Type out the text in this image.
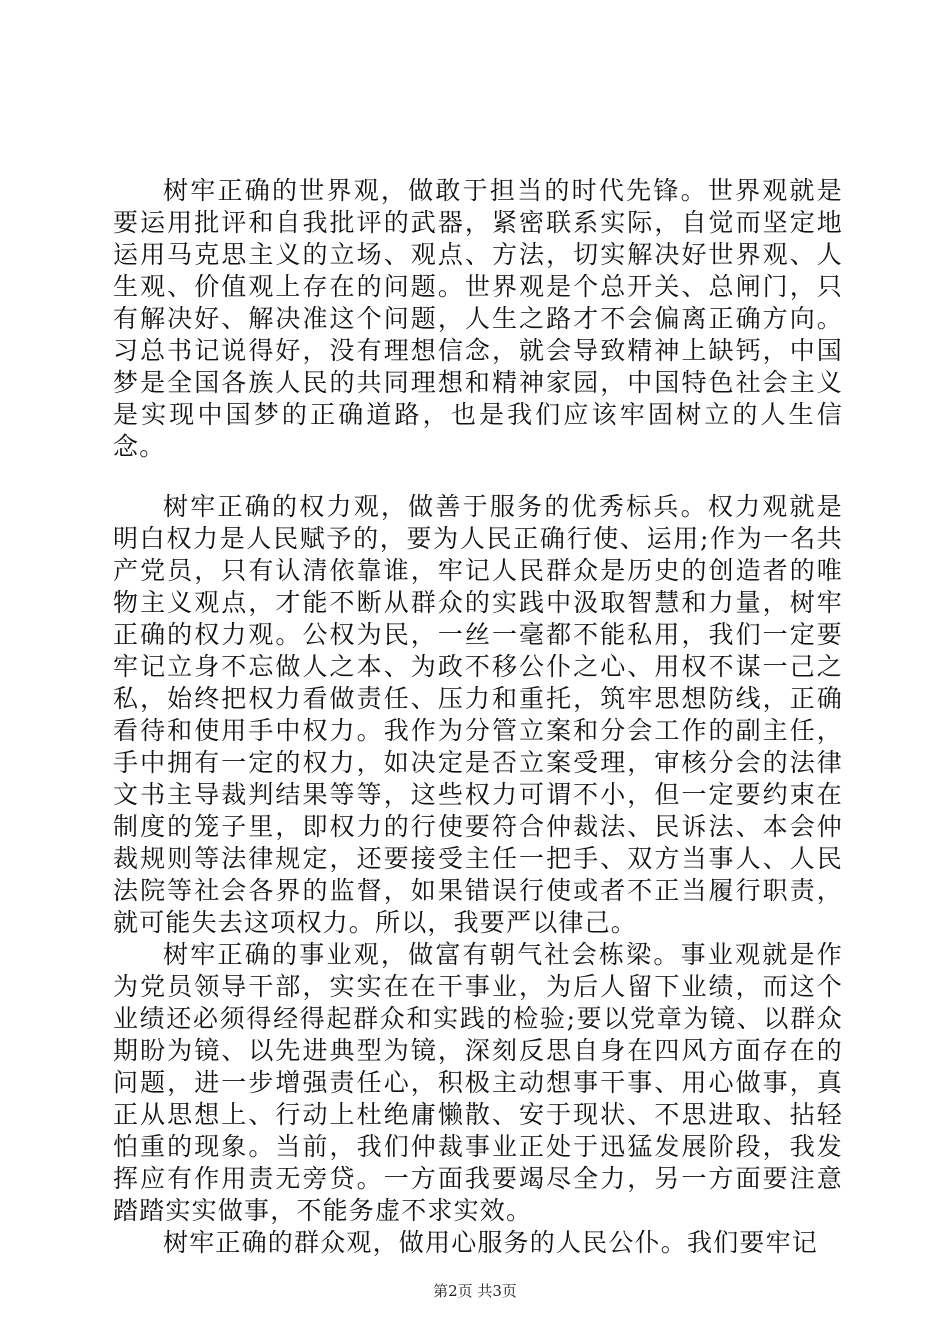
树牢正确的世界观，做敢于担当的时代先锋。世界观就是要运用批评和自我批评的武器，紧密联系实际，自觉而坚定地运用马克思主义的立场、观点、方法，切实解决好世界观、人生观、价值观上存在的问题。世界观是个总开关、总闸门，只有解决好、解决准这个问题，人生之路才不会偏离正确方向。习总书记说得好，没有理想信念，就会导致精神上缺钙，中国梦是全国各族人民的共同理想和精神家园，中国特色社会主义是实现中国梦的正确道路，也是我们应该牢固树立的人生信念。

树牢正确的权力观，做善于服务的优秀标兵。权力观就是明白权力是人民赋予的，要为人民正确行使、运用;作为一名共产党员，只有认清依靠谁，牢记人民群众是历史的创造者的唯物主义观点，才能不断从群众的实践中汲取智慧和力量，树牢正确的权力观。公权为民，一丝一毫都不能私用，我们一定要牢记立身不忘做人之本、为政不移公仆之心、用权不谋一己之私，始终把权力看做责任、压力和重托，筑牢思想防线，正确看待和使用手中权力。我作为分管立案和分会工作的副主任，手中拥有一定的权力，如决定是否立案受理，审核分会的法律文书主导裁判结果等等，这些权力可谓不小，但一定要约束在制度的笼子里，即权力的行使要符合仲裁法、民诉法、本会仲裁规则等法律规定，还要接受主任一把手、双方当事人、人民法院等社会各界的监督，如果错误行使或者不正当履行职责，就可能失去这项权力。所以，我要严以律己。

树牢正确的事业观，做富有朝气社会栋梁。事业观就是作为党员领导干部，实实在在干事业，为后人留下业绩，而这个业绩还必须得经得起群众和实践的检验;要以党章为镜、以群众期盼为镜、以先进典型为镜，深刻反思自身在四风方面存在的问题，进一步增强责任心，积极主动想事干事、用心做事，真正从思想上、行动上杜绝庸懒散、安于现状、不思进取、拈轻怕重的现象。当前，我们仲裁事业正处于迅猛发展阶段，我发挥应有作用责无旁贷。一方面我要竭尽全力，另一方面要注意踏踏实实做事，不能务虚不求实效。

树牢正确的群众观，做用心服务的人民公仆。我们要牢记

第2页 共3页
